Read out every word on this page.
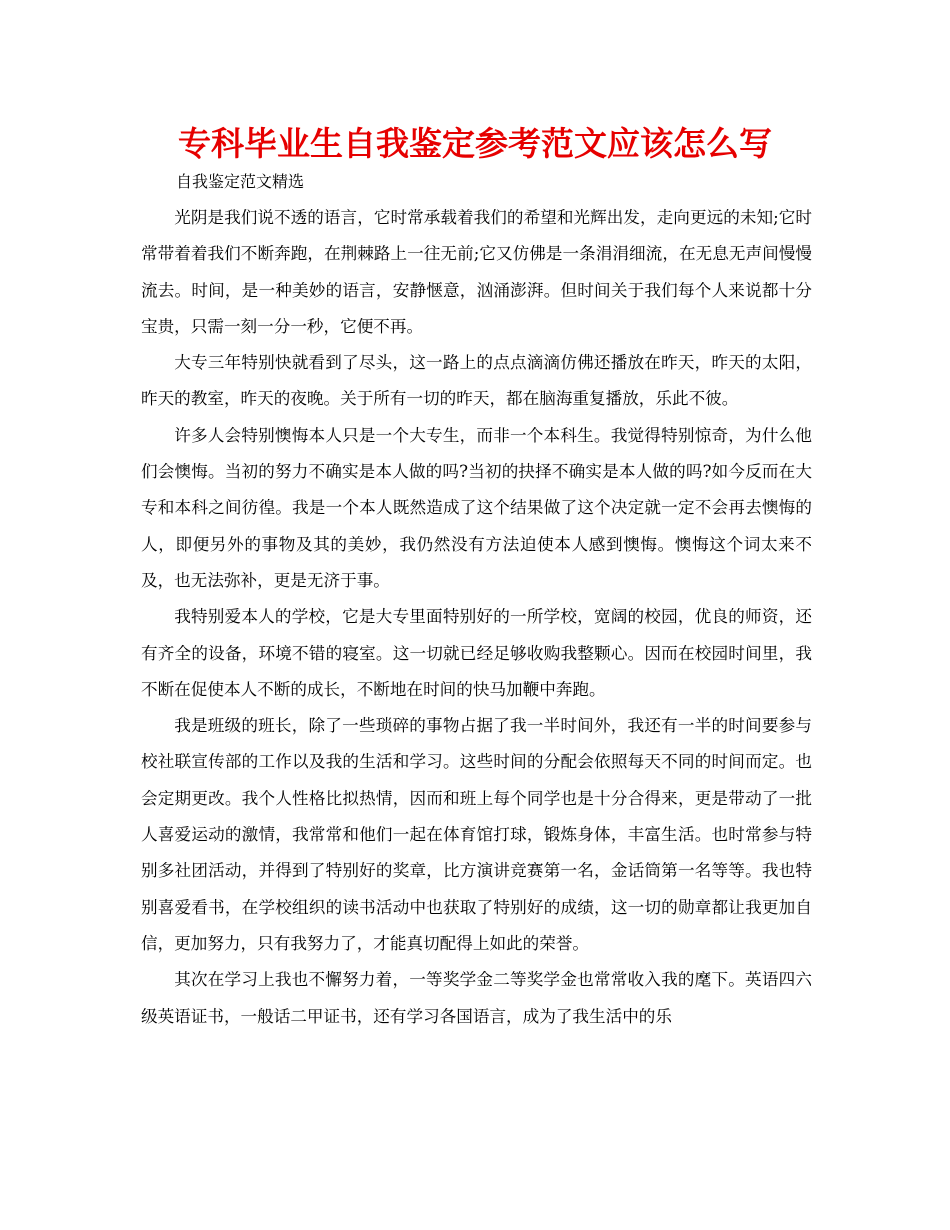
专科毕业生自我鉴定参考范文应该怎么写
自我鉴定范文精选

光阴是我们说不透的语言，它时常承载着我们的希望和光辉出发，走向更远的未知;它时常带着着我们不断奔跑，在荆棘路上一往无前;它又仿佛是一条涓涓细流，在无息无声间慢慢流去。时间，是一种美妙的语言，安静惬意，汹涌澎湃。但时间关于我们每个人来说都十分宝贵，只需一刻一分一秒，它便不再。

大专三年特别快就看到了尽头，这一路上的点点滴滴仿佛还播放在昨天，昨天的太阳，昨天的教室，昨天的夜晚。关于所有一切的昨天，都在脑海重复播放，乐此不彼。

许多人会特别懊悔本人只是一个大专生，而非一个本科生。我觉得特别惊奇，为什么他们会懊悔。当初的努力不确实是本人做的吗?当初的抉择不确实是本人做的吗?如今反而在大专和本科之间彷徨。我是一个本人既然造成了这个结果做了这个决定就一定不会再去懊悔的人，即便另外的事物及其的美妙，我仍然没有方法迫使本人感到懊悔。懊悔这个词太来不及，也无法弥补，更是无济于事。

我特别爱本人的学校，它是大专里面特别好的一所学校，宽阔的校园，优良的师资，还有齐全的设备，环境不错的寝室。这一切就已经足够收购我整颗心。因而在校园时间里，我不断在促使本人不断的成长，不断地在时间的快马加鞭中奔跑。

我是班级的班长，除了一些琐碎的事物占据了我一半时间外，我还有一半的时间要参与校社联宣传部的工作以及我的生活和学习。这些时间的分配会依照每天不同的时间而定。也会定期更改。我个人性格比拟热情，因而和班上每个同学也是十分合得来，更是带动了一批人喜爱运动的激情，我常常和他们一起在体育馆打球，锻炼身体，丰富生活。也时常参与特别多社团活动，并得到了特别好的奖章，比方演讲竞赛第一名，金话筒第一名等等。我也特别喜爱看书，在学校组织的读书活动中也获取了特别好的成绩，这一切的勋章都让我更加自信，更加努力，只有我努力了，才能真切配得上如此的荣誉。

其次在学习上我也不懈努力着，一等奖学金二等奖学金也常常收入我的麾下。英语四六级英语证书，一般话二甲证书，还有学习各国语言，成为了我生活中的乐
